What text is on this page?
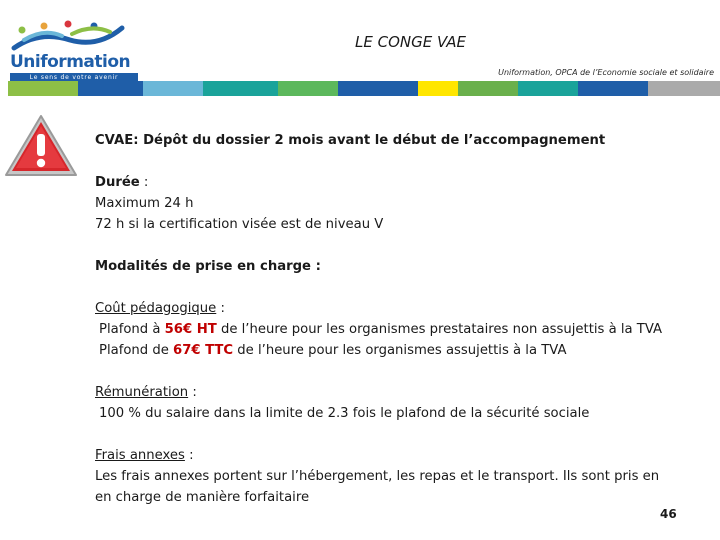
Uniformation
Le sens de votre avenir
LE CONGE VAE
Uniformation, OPCA de l’Economie sociale et solidaire

CVAE: Dépôt du dossier 2 mois avant le début de l’accompagnement

Durée :

Maximum 24 h

72 h si la certification visée est de niveau V

Modalités de prise en charge :

Coût pédagogique :

Plafond à 56€ HT de l’heure pour les organismes prestataires non assujettis à la TVA

Plafond de 67€ TTC de l’heure pour les organismes assujettis à la TVA

Rémunération :

100 % du salaire dans la limite de 2.3 fois le plafond de la sécurité sociale

Frais annexes :

Les frais annexes portent sur l’hébergement, les repas et le transport. Ils sont pris en

en charge de manière forfaitaire

46
